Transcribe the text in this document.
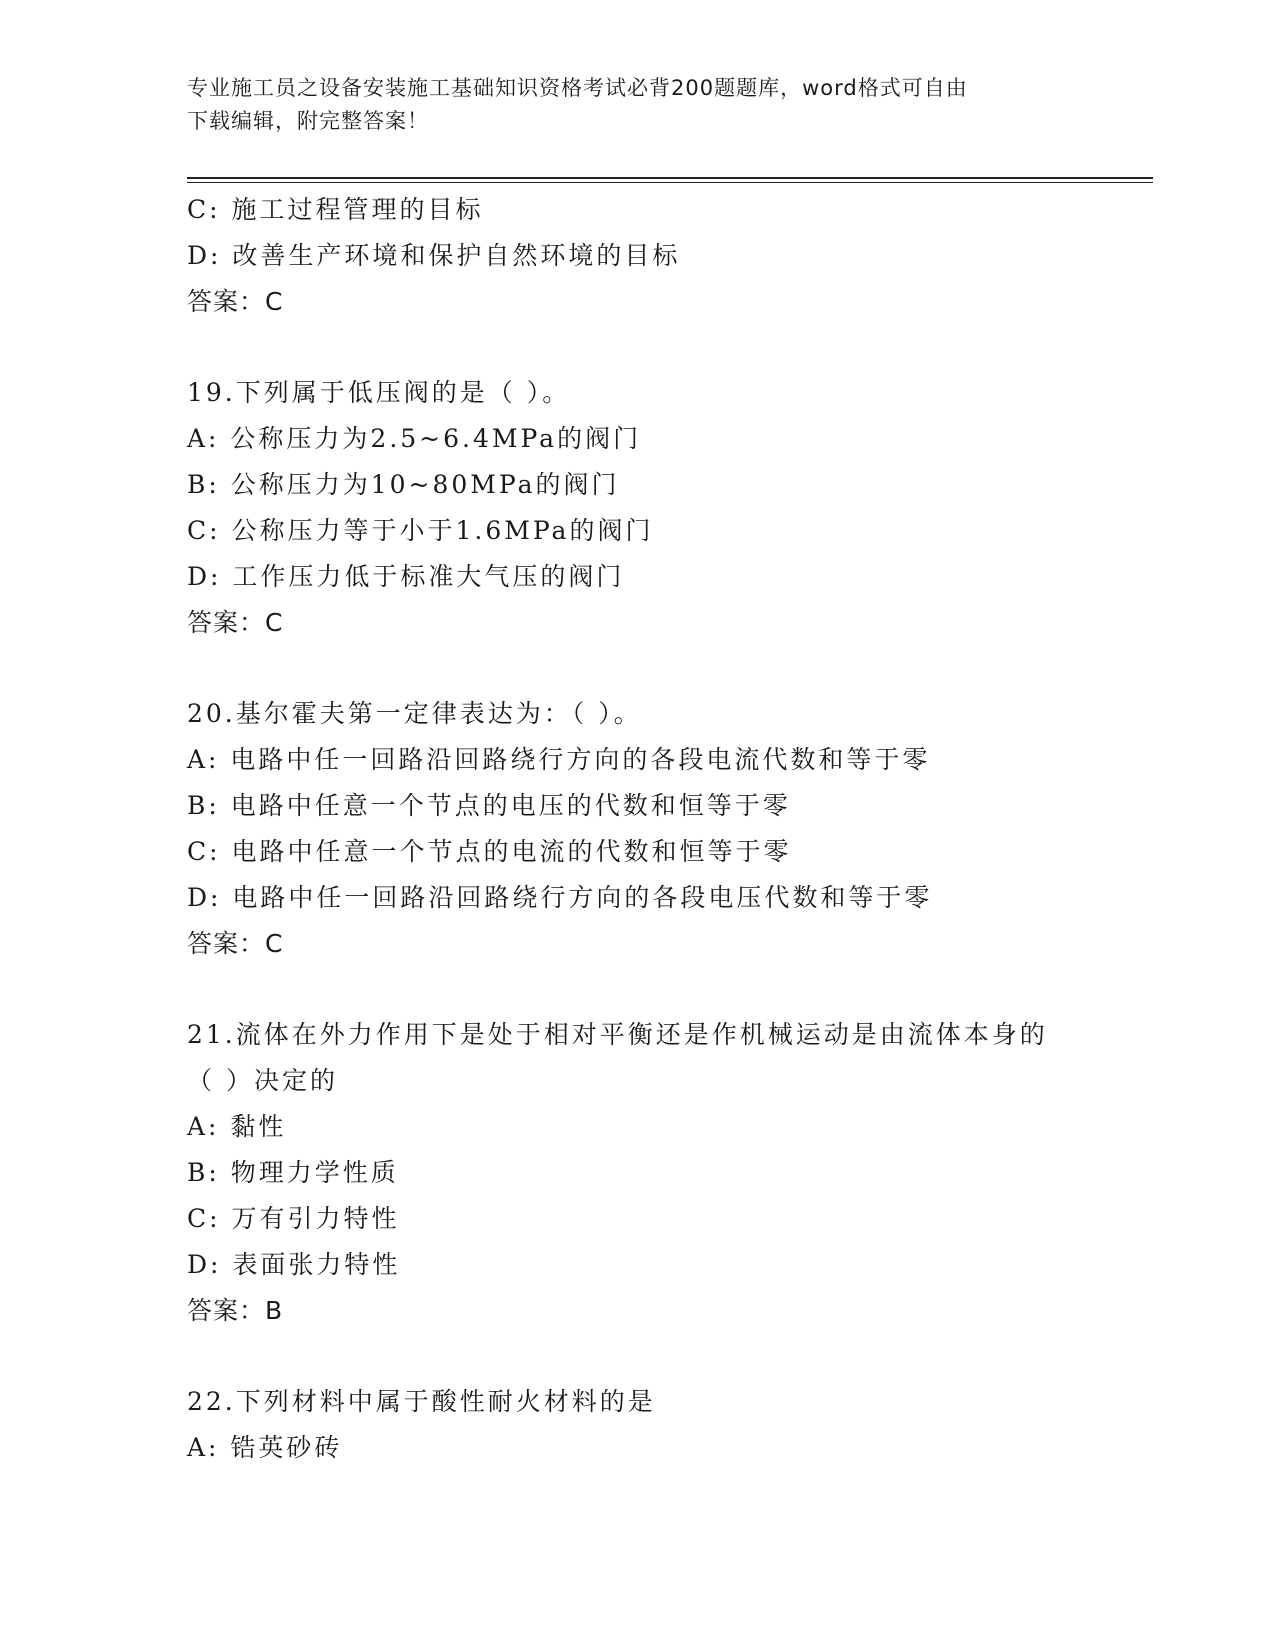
专业施工员之设备安装施工基础知识资格考试必背200题题库，word格式可自由
下载编辑，附完整答案！
C: 施工过程管理的目标
D: 改善生产环境和保护自然环境的目标
答案：C
19.下列属于低压阀的是（ ）。
A: 公称压力为2.5~6.4MPa的阀门
B: 公称压力为10~80MPa的阀门
C: 公称压力等于小于1.6MPa的阀门
D: 工作压力低于标准大气压的阀门
答案：C
20.基尔霍夫第一定律表达为：（ ）。
A: 电路中任一回路沿回路绕行方向的各段电流代数和等于零
B: 电路中任意一个节点的电压的代数和恒等于零
C: 电路中任意一个节点的电流的代数和恒等于零
D: 电路中任一回路沿回路绕行方向的各段电压代数和等于零
答案：C
21.流体在外力作用下是处于相对平衡还是作机械运动是由流体本身的
（ ）决定的
A: 黏性
B: 物理力学性质
C: 万有引力特性
D: 表面张力特性
答案：B
22.下列材料中属于酸性耐火材料的是
A: 锆英砂砖
